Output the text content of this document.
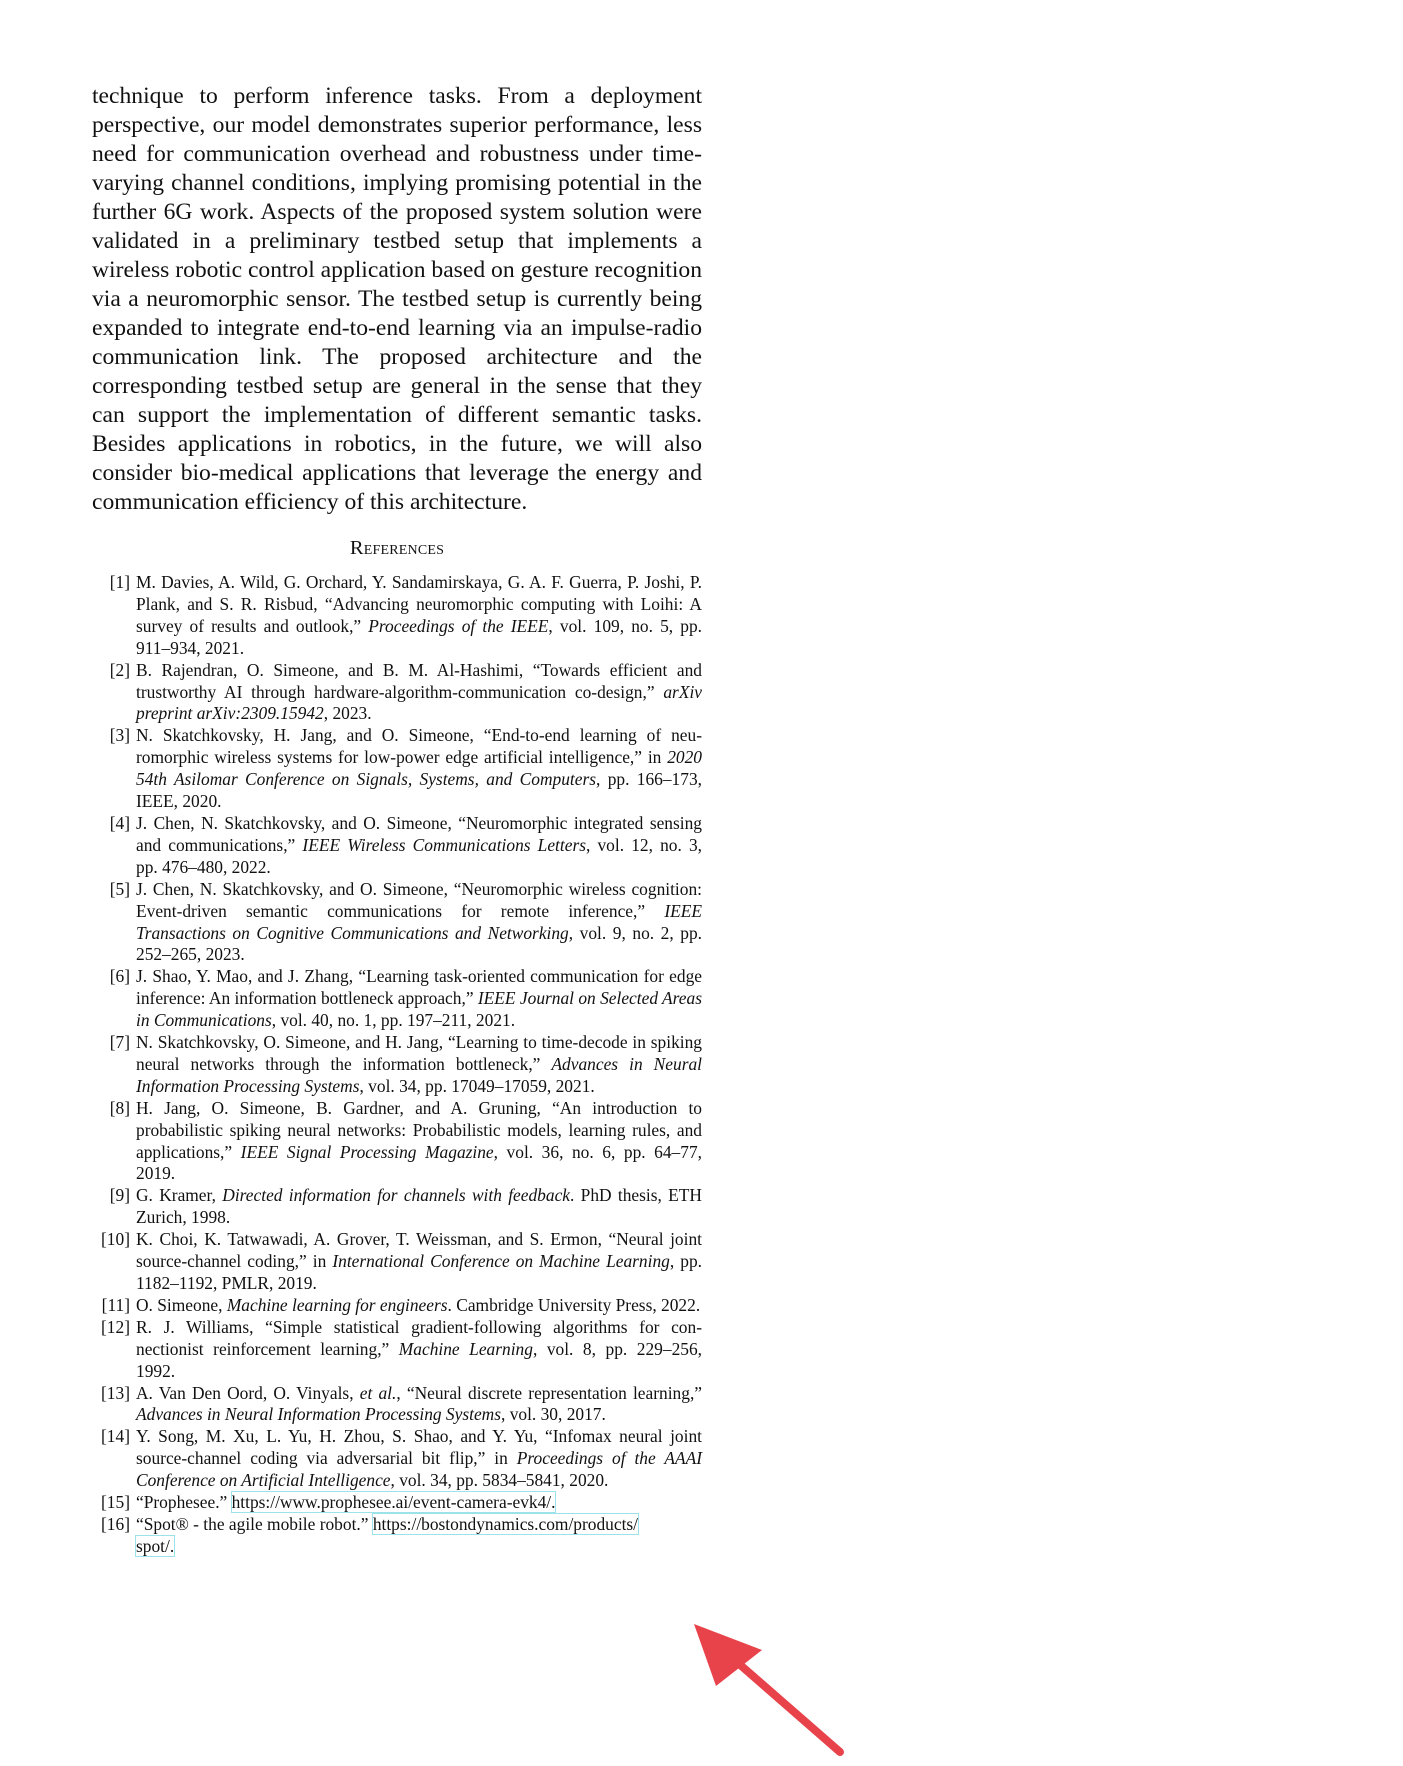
technique to perform inference tasks. From a deployment perspective, our model demonstrates superior performance, less need for communication overhead and robustness under time-varying channel conditions, implying promising potential in the further 6G work. Aspects of the proposed system solution were validated in a preliminary testbed setup that implements a wireless robotic control application based on gesture recognition via a neuromorphic sensor. The testbed setup is currently being expanded to integrate end-to-end learning via an impulse-radio communication link. The proposed architecture and the corresponding testbed setup are general in the sense that they can support the implementation of different semantic tasks. Besides applications in robotics, in the future, we will also consider bio-medical applications that leverage the energy and communication efficiency of this architecture.

References
[1] M. Davies, A. Wild, G. Orchard, Y. Sandamirskaya, G. A. F. Guerra, P. Joshi, P. Plank, and S. R. Risbud, “Advancing neuromorphic computing with Loihi: A survey of results and outlook,” Proceedings of the IEEE, vol. 109, no. 5, pp. 911–934, 2021.
[2] B. Rajendran, O. Simeone, and B. M. Al-Hashimi, “Towards efficient and trustworthy AI through hardware-algorithm-communication co-design,” arXiv preprint arXiv:2309.15942, 2023.
[3] N. Skatchkovsky, H. Jang, and O. Simeone, “End-to-end learning of neuromorphic wireless systems for low-power edge artificial intelligence,” in 2020 54th Asilomar Conference on Signals, Systems, and Computers, pp. 166–173, IEEE, 2020.
[4] J. Chen, N. Skatchkovsky, and O. Simeone, “Neuromorphic integrated sensing and communications,” IEEE Wireless Communications Letters, vol. 12, no. 3, pp. 476–480, 2022.
[5] J. Chen, N. Skatchkovsky, and O. Simeone, “Neuromorphic wireless cognition: Event-driven semantic communications for remote inference,” IEEE Transactions on Cognitive Communications and Networking, vol. 9, no. 2, pp. 252–265, 2023.
[6] J. Shao, Y. Mao, and J. Zhang, “Learning task-oriented communication for edge inference: An information bottleneck approach,” IEEE Journal on Selected Areas in Communications, vol. 40, no. 1, pp. 197–211, 2021.
[7] N. Skatchkovsky, O. Simeone, and H. Jang, “Learning to time-decode in spiking neural networks through the information bottleneck,” Advances in Neural Information Processing Systems, vol. 34, pp. 17049–17059, 2021.
[8] H. Jang, O. Simeone, B. Gardner, and A. Gruning, “An introduction to probabilistic spiking neural networks: Probabilistic models, learning rules, and applications,” IEEE Signal Processing Magazine, vol. 36, no. 6, pp. 64–77, 2019.
[9] G. Kramer, Directed information for channels with feedback. PhD thesis, ETH Zurich, 1998.
[10] K. Choi, K. Tatwawadi, A. Grover, T. Weissman, and S. Ermon, “Neural joint source-channel coding,” in International Conference on Machine Learning, pp. 1182–1192, PMLR, 2019.
[11] O. Simeone, Machine learning for engineers. Cambridge University Press, 2022.
[12] R. J. Williams, “Simple statistical gradient-following algorithms for connectionist reinforcement learning,” Machine Learning, vol. 8, pp. 229–256, 1992.
[13] A. Van Den Oord, O. Vinyals, et al., “Neural discrete representation learning,” Advances in Neural Information Processing Systems, vol. 30, 2017.
[14] Y. Song, M. Xu, L. Yu, H. Zhou, S. Shao, and Y. Yu, “Infomax neural joint source-channel coding via adversarial bit flip,” in Proceedings of the AAAI Conference on Artificial Intelligence, vol. 34, pp. 5834–5841, 2020.
[15] “Prophesee.” https://www.prophesee.ai/event-camera-evk4/.
[16] “Spot® - the agile mobile robot.” https://bostondynamics.com/products/
spot/.
